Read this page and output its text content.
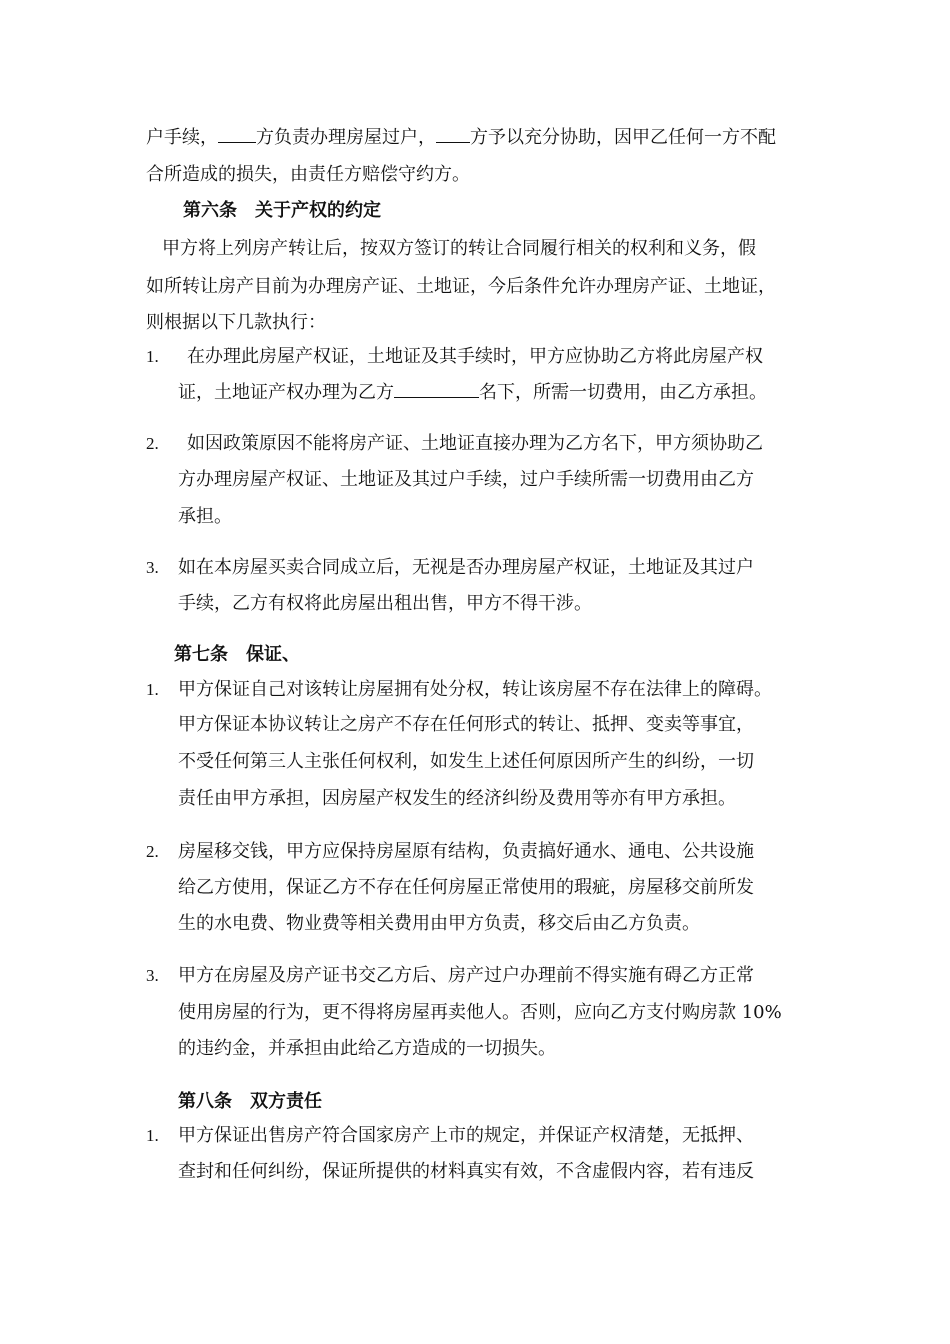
户手续， 方负责办理房屋过户， 方予以充分协助，因甲乙任何一方不配
合所造成的损失，由责任方赔偿守约方。
第六条　关于产权的约定
甲方将上列房产转让后，按双方签订的转让合同履行相关的权利和义务，假
如所转让房产目前为办理房产证、土地证，今后条件允许办理房产证、土地证，
则根据以下几款执行：
1. 在办理此房屋产权证，土地证及其手续时，甲方应协助乙方将此房屋产权
证，土地证产权办理为乙方	名下，所需一切费用，由乙方承担。
2. 如因政策原因不能将房产证、土地证直接办理为乙方名下，甲方须协助乙
方办理房屋产权证、土地证及其过户手续，过户手续所需一切费用由乙方
承担。
3. 如在本房屋买卖合同成立后，无视是否办理房屋产权证，土地证及其过户
手续，乙方有权将此房屋出租出售，甲方不得干涉。
第七条　保证、
1. 甲方保证自己对该转让房屋拥有处分权，转让该房屋不存在法律上的障碍。
甲方保证本协议转让之房产不存在任何形式的转让、抵押、变卖等事宜，
不受任何第三人主张任何权利，如发生上述任何原因所产生的纠纷，一切
责任由甲方承担，因房屋产权发生的经济纠纷及费用等亦有甲方承担。
2. 房屋移交钱，甲方应保持房屋原有结构，负责搞好通水、通电、公共设施
给乙方使用，保证乙方不存在任何房屋正常使用的瑕疵，房屋移交前所发
生的水电费、物业费等相关费用由甲方负责，移交后由乙方负责。
3. 甲方在房屋及房产证书交乙方后、房产过户办理前不得实施有碍乙方正常
使用房屋的行为，更不得将房屋再卖他人。否则，应向乙方支付购房款 10%
的违约金，并承担由此给乙方造成的一切损失。
第八条　双方责任
1. 甲方保证出售房产符合国家房产上市的规定，并保证产权清楚，无抵押、
查封和任何纠纷，保证所提供的材料真实有效，不含虚假内容，若有违反
